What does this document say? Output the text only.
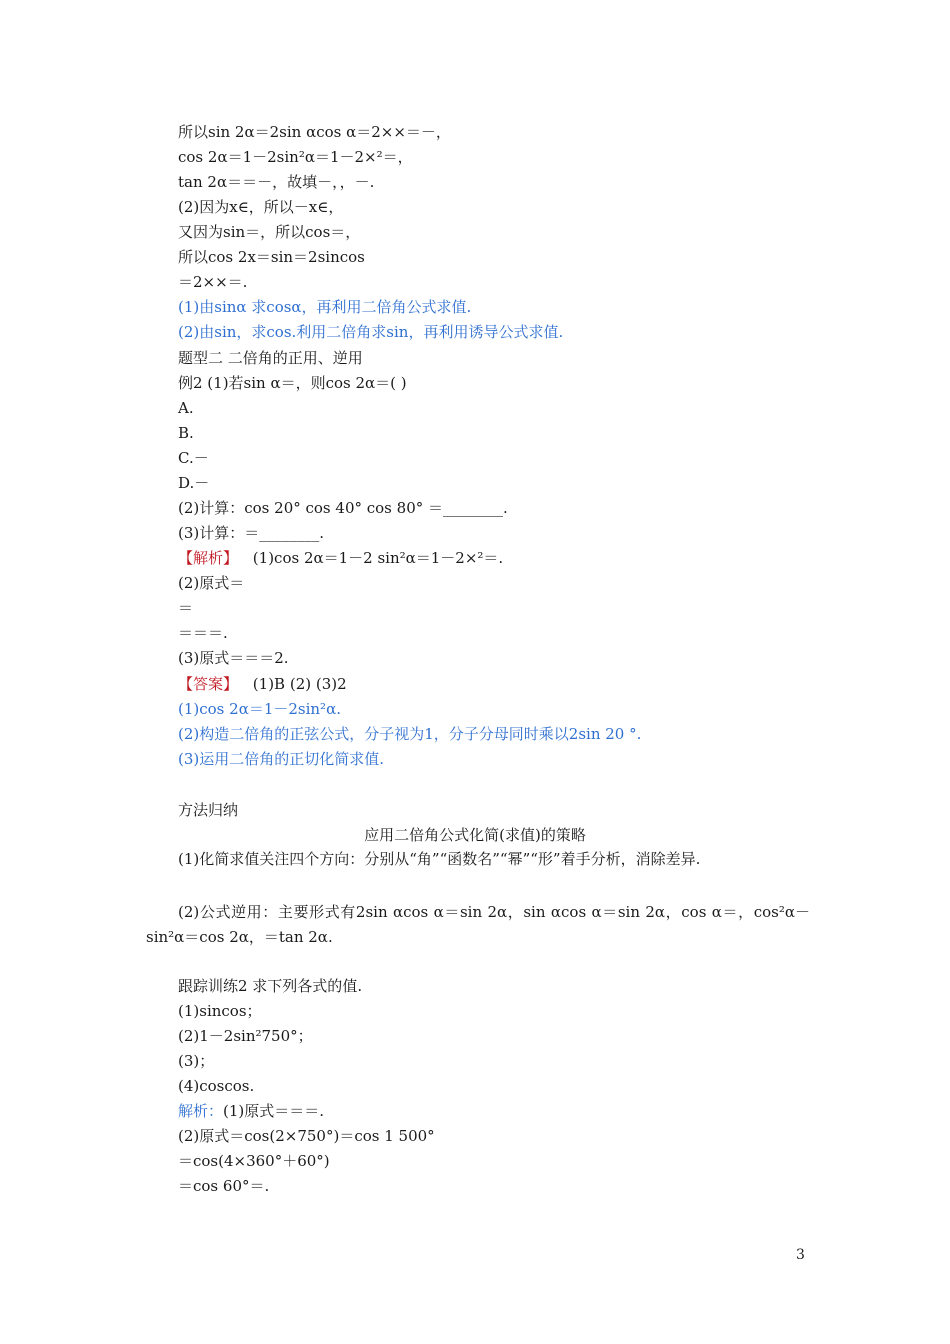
所以sin 2α＝2sin αcos α＝2××＝－，
cos 2α＝1－2sin²α＝1－2×²＝，
tan 2α＝＝－，故填－，，－.
(2)因为x∈，所以－x∈，
又因为sin＝，所以cos＝，
所以cos 2x＝sin＝2sincos
＝2××＝.
(1)由sinα 求cosα，再利用二倍角公式求值.
(2)由sin，求cos.利用二倍角求sin，再利用诱导公式求值.
题型二 二倍角的正用、逆用
例2 (1)若sin α＝，则cos 2α＝( )
A.
B.
C.－
D.－
(2)计算：cos 20° cos 40° cos 80° ＝________.
(3)计算：＝________.
【解析】 (1)cos 2α＝1－2 sin²α＝1－2×²＝.
(2)原式＝
＝
＝＝＝.
(3)原式＝＝＝2.
【答案】 (1)B (2) (3)2
(1)cos 2α＝1－2sin²α.
(2)构造二倍角的正弦公式，分子视为1，分子分母同时乘以2sin 20 °.
(3)运用二倍角的正切化简求值.
方法归纳
应用二倍角公式化简(求值)的策略
(1)化简求值关注四个方向：分别从“角”“函数名”“幂”“形”着手分析，消除差异.
(2)公式逆用：主要形式有2sin αcos α＝sin 2α，sin αcos α＝sin 2α，cos α＝，cos²α－sin²α＝cos 2α，＝tan 2α.
跟踪训练2 求下列各式的值.
(1)sincos；
(2)1－2sin²750°；
(3)；
(4)coscos.
解析：(1)原式＝＝＝.
(2)原式＝cos(2×750°)＝cos 1 500°
＝cos(4×360°＋60°)
＝cos 60°＝.
3
